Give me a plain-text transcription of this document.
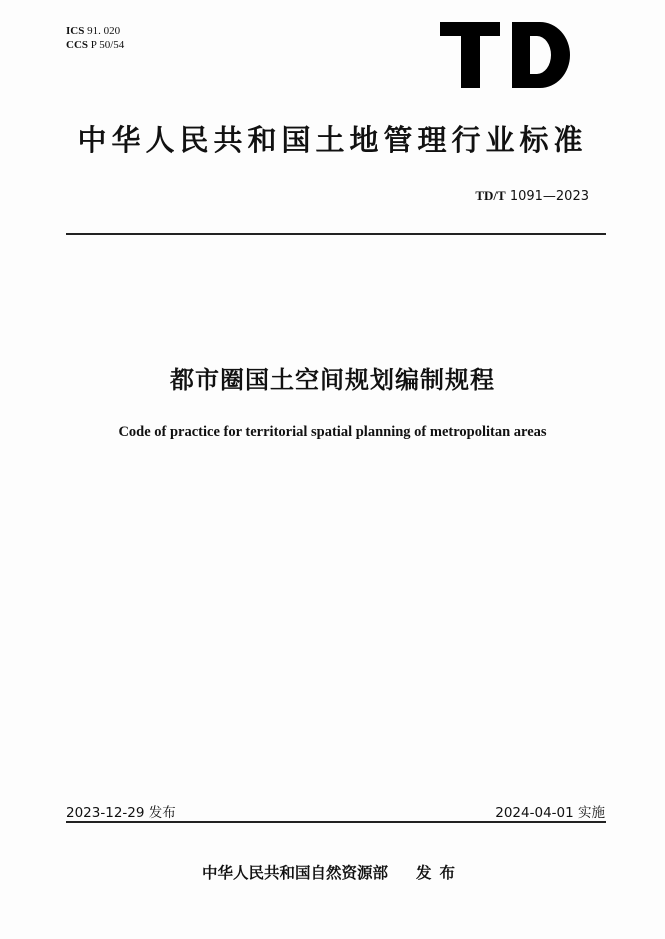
ICS 91. 020
CCS P 50/54
中华人民共和国土地管理行业标准
TD/T 1091—2023
都市圈国土空间规划编制规程
Code of practice for territorial spatial planning of metropolitan areas
2023-12-29 发布	2024-04-01 实施
中华人民共和国自然资源部 发布
